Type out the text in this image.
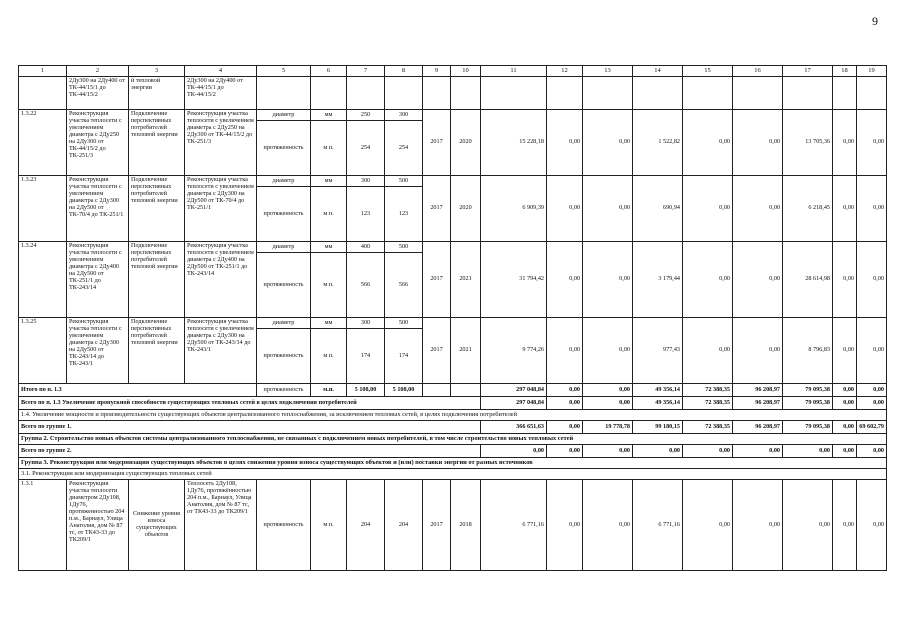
9
1	2	3	4	5	6	7	8	9	10	11	12	13	14	15	16	17	18	19
	2Ду300 на 2Ду400 от ТК-44/15/1 до ТК-44/15/2	й тепловой энергии	2Ду300 на 2Ду400 от ТК-44/15/1 до ТК-44/15/2															
1.3.22	Реконструкция участка теплосети с увеличением диаметра с 2Ду250 на 2Ду300 от ТК-44/15/2 до ТК-251/3	Подключение перспективных потребителей тепловой энергии	Реконструкция участка теплосети с увеличением диаметра с 2Ду250 на 2Ду300 от ТК-44/15/2 до ТК-251/3	диаметр	мм	250	300	2017	2020	15 228,18	0,00	0,00	1 522,82	0,00	0,00	13 705,36	0,00	0,00
				протяженность	м п.	254	254											
1.3.23	Реконструкция участка теплосети с увеличением диаметра с 2Ду300 на 2Ду500 от ТК-70/4 до ТК-251/1	Подключение перспективных потребителей тепловой энергии	Реконструкция участка теплосети с увеличением диаметра с 2Ду300 на 2Ду500 от ТК-70/4 до ТК-251/1	диаметр	мм	300	500	2017	2020	6 909,39	0,00	0,00	690,94	0,00	0,00	6 218,45	0,00	0,00
				протяженность	м п.	123	123											
1.3.24	Реконструкция участка теплосети с увеличением диаметра с 2Ду400 на 2Ду500 от ТК-251/1 до ТК-243/14	Подключение перспективных потребителей тепловой энергии	Реконструкция участка теплосети с увеличением диаметра с 2Ду400 на 2Ду500 от ТК-251/1 до ТК-243/14	диаметр	мм	400	500	2017	2021	31 794,42	0,00	0,00	3 179,44	0,00	0,00	28 614,98	0,00	0,00
				протяженность	м п.	566	566											
1.3.25	Реконструкция участка теплосети с увеличением диаметра с 2Ду300 на 2Ду500 от ТК-243/14 до ТК-243/1	Подключение перспективных потребителей тепловой энергии	Реконструкция участка теплосети с увеличением диаметра с 2Ду300 на 2Ду500 от ТК-243/14 до ТК-243/1	диаметр	мм	300	500	2017	2021	9 774,26	0,00	0,00	977,43	0,00	0,00	8 796,83	0,00	0,00
				протяженность	м п.	174	174											
Итого по п. 1.3				протяженность	м.п.	5 108,00	5 108,00			297 048,84	0,00	0,00	49 356,14	72 388,35	96 208,97	79 095,38	0,00	0,00
Всего по п. 1.3 Увеличение пропускной способности существующих тепловых сетей в целях подключения потребителей										297 048,84	0,00	0,00	49 356,14	72 388,35	96 208,97	79 095,38	0,00	0,00
1.4. Увеличение мощности и производительности существующих объектов централизованного теплоснабжения, за исключением тепловых сетей, в целях подключения потребителей																		
Всего по группе 1.										366 651,63	0,00	19 778,78	99 180,15	72 388,35	96 208,97	79 095,38	0,00	69 602,79
Группа 2. Строительство новых объектов системы централизованного теплоснабжения, не связанных с подключением новых потребителей, в том числе строительство новых тепловых сетей																		
Всего по группе 2.										0,00	0,00	0,00	0,00	0,00	0,00	0,00	0,00	0,00
Группа 3. Реконструкция или модернизация существующих объектов в целях снижения уровня износа существующих объектов и (или) поставки энергии от разных источников																		
3.1. Реконструкция или модернизация существующих тепловых сетей																		
1.3.1	Реконструкция участка теплосети диаметром 2Ду108, 1Ду76, протяженностью 204 п.м., Барнаул, Улица Анатолия, дом № 87 тс, от ТК43-33 до ТК209/1	Снижение уровня износа существующих объектов	Теплосеть 2Ду108, 1Ду76, протяжённостью 204 п.м., Барнаул, Улица Анатолия, дом № 87 тс, от ТК43-33 до ТК209/1	протяженность	м п.	204	204	2017	2018	6 771,16	0,00	0,00	6 771,16	0,00	0,00	0,00	0,00	0,00
